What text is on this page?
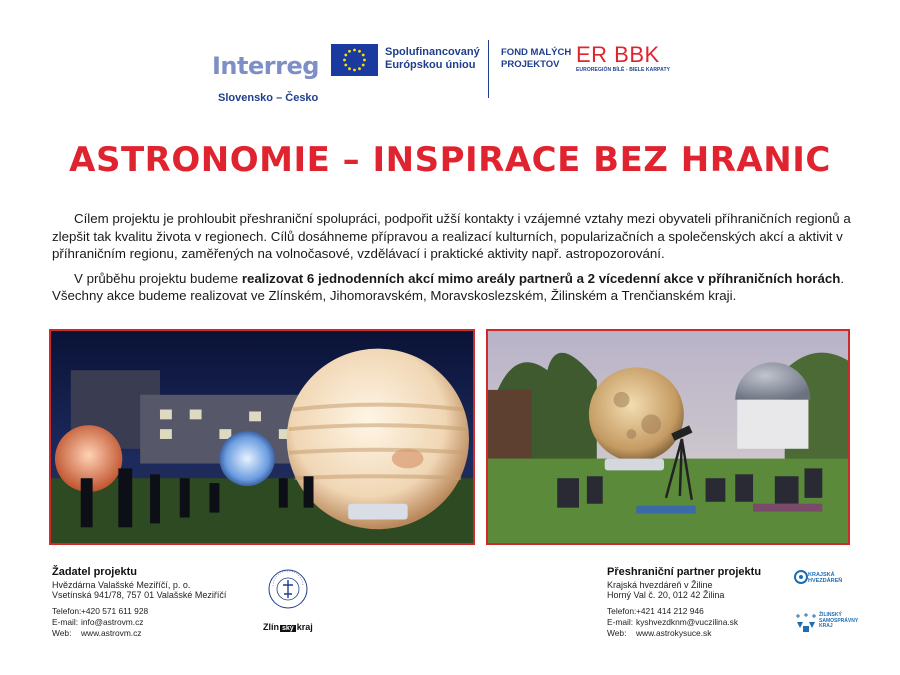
Interreg
Slovensko – Česko
Spolufinancovaný
Európskou úniou
FOND MALÝCH
PROJEKTOV ER BBK
EUROREGIÓN BÍLÉ - BIELE KARPATY
ASTRONOMIE – INSPIRACE BEZ HRANIC

Cílem projektu je prohloubit přeshraniční spolupráci, podpořit užší kontakty i vzájemné vztahy mezi obyvateli příhraničních regionů a zlepšit tak kvalitu života v regionech. Cílů dosáhneme přípravou a realizací kulturních, popularizačních a společenských akcí a aktivit v příhraničním regionu, zaměřených na volnočasové, vzdělávací i praktické aktivity např. astropozorování.

V průběhu projektu budeme realizovat 6 jednodenních akcí mimo areály partnerů a 2 vícedenní akce v příhraničních horách. Všechny akce budeme realizovat ve Zlínském, Jihomoravském, Moravskoslezském, Žilinském a Trenčianském kraji.

Žadatel projektu
Hvězdárna Valašské Meziříčí, p. o.
Vsetínská 941/78, 757 01 Valašské Meziříčí
Telefon: +420 571 611 928
E-mail: info@astrovm.cz
Web:	www.astrovm.cz
Zlín ský kraj
Přeshraniční partner projektu
Krajská hvezdáreň v Žiline
Horný Val č. 20, 012 42 Žilina
Telefon: +421 414 212 946
E-mail: kyshvezdknm@vuczilina.sk
Web:	www.astrokysuce.sk
KRAJSKÁ
HVEZDÁREŇ
ŽILINSKÝ
SAMOSPRÁVNY
KRAJ
